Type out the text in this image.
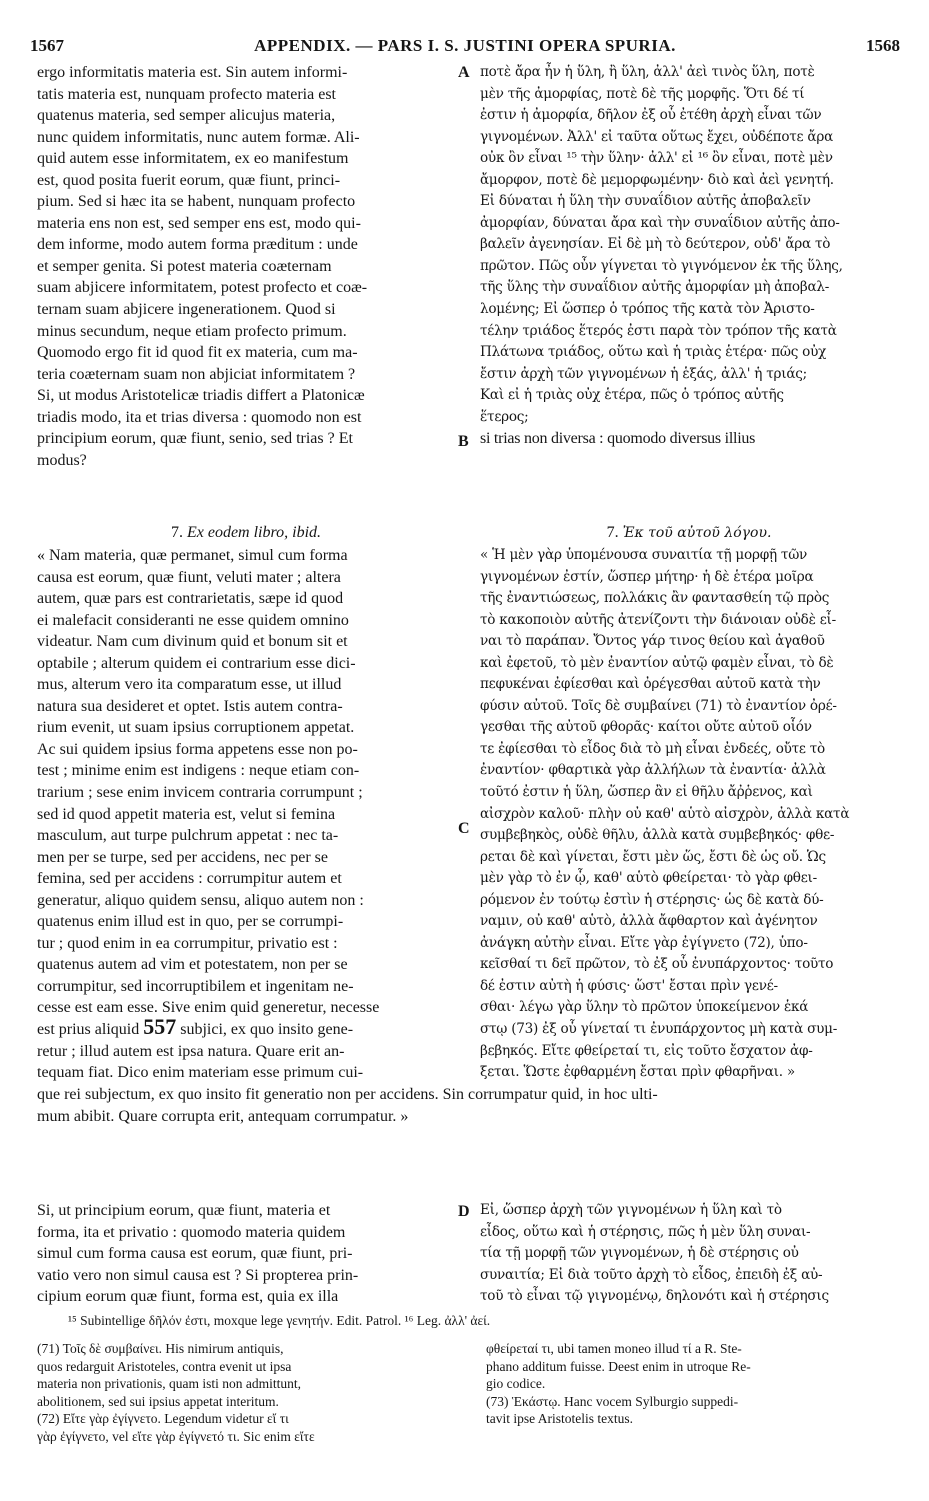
1567	APPENDIX. — PARS I. S. JUSTINI OPERA SPURIA.	1568
ergo informitatis materia est. Sin autem informi-
tatis materia est, nunquam profecto materia est
quatenus materia, sed semper alicujus materia,
nunc quidem informitatis, nunc autem formæ. Ali-
quid autem esse informitatem, ex eo manifestum
est, quod posita fuerit eorum, quæ fiunt, princi-
pium. Sed si hæc ita se habent, nunquam profecto
materia ens non est, sed semper ens est, modo qui-
dem informe, modo autem forma præditum : unde
et semper genita. Si potest materia coæternam
suam abjicere informitatem, potest profecto et coæ-
ternam suam abjicere ingenerationem. Quod si
minus secundum, neque etiam profecto primum.
Quomodo ergo fit id quod fit ex materia, cum ma-
teria coæternam suam non abjiciat informitatem ?
Si, ut modus Aristotelicæ triadis differt a Platonicæ
triadis modo, ita et trias diversa : quomodo non est
principium eorum, quæ fiunt, senio, sed trias ? Et
modus?
ποτὲ ἄρα ἦν ἡ ὕλη, ἢ ὕλη, ἀλλ' ἀεὶ τινὸς ὕλη, ποτὲ
μὲν τῆς ἀμορφίας, ποτὲ δὲ τῆς μορφῆς. Ὅτι δέ τί
ἐστιν ἡ ἀμορφία, δῆλον ἐξ οὗ ἐτέθη ἀρχὴ εἶναι τῶν
γιγνομένων. Ἀλλ' εἰ ταῦτα οὕτως ἔχει, οὐδέποτε ἄρα
οὐκ ὂν εἶναι ¹⁵ τὴν ὕλην· ἀλλ' εἰ ¹⁶ ὂν εἶναι, ποτὲ μὲν
ἄμορφον, ποτὲ δὲ μεμορφωμένην· διὸ καὶ ἀεὶ γενητή.
Εἰ δύναται ἡ ὕλη τὴν συναΐδιον αὐτῆς ἀποβαλεῖν
ἀμορφίαν, δύναται ἄρα καὶ τὴν συναΐδιον αὐτῆς ἀπο-
βαλεῖν ἀγενησίαν. Εἰ δὲ μὴ τὸ δεύτερον, οὐδ' ἄρα τὸ
πρῶτον. Πῶς οὖν γίγνεται τὸ γιγνόμενον ἐκ τῆς ὕλης,
τῆς ὕλης τὴν συναΐδιον αὐτῆς ἀμορφίαν μὴ ἀποβαλ-
λομένης; Εἰ ὥσπερ ὁ τρόπος τῆς κατὰ τὸν Ἀριστο-
τέλην τριάδος ἕτερός ἐστι παρὰ τὸν τρόπον τῆς κατὰ
Πλάτωνα τριάδος, οὕτω καὶ ἡ τριὰς ἑτέρα· πῶς οὐχ
ἔστιν ἀρχὴ τῶν γιγνομένων ἡ ἑξάς, ἀλλ' ἡ τριάς;
Καὶ εἰ ἡ τριὰς οὐχ ἑτέρα, πῶς ὁ τρόπος αὐτῆς
ἕτερος;
si trias non diversa : quomodo diversus illius
A
B
7. Ex eodem libro, ibid.	7. Ἐκ τοῦ αὐτοῦ λόγου.
« Nam materia, quæ permanet, simul cum forma
causa est eorum, quæ fiunt, veluti mater ; altera
autem, quæ pars est contrarietatis, sæpe id quod
ei malefacit consideranti ne esse quidem omnino
videatur. Nam cum divinum quid et bonum sit et
optabile ; alterum quidem ei contrarium esse dici-
mus, alterum vero ita comparatum esse, ut illud
natura sua desideret et optet. Istis autem contra-
rium evenit, ut suam ipsius corruptionem appetat.
Ac sui quidem ipsius forma appetens esse non po-
test ; minime enim est indigens : neque etiam con-
trarium ; sese enim invicem contraria corrumpunt ;
sed id quod appetit materia est, velut si femina
masculum, aut turpe pulchrum appetat : nec ta-
men per se turpe, sed per accidens, nec per se
femina, sed per accidens : corrumpitur autem et
generatur, aliquo quidem sensu, aliquo autem non :
quatenus enim illud est in quo, per se corrumpi-
tur ; quod enim in ea corrumpitur, privatio est :
quatenus autem ad vim et potestatem, non per se
corrumpitur, sed incorruptibilem et ingenitam ne-
cesse est eam esse. Sive enim quid generetur, necesse
est prius aliquid 557 subjici, ex quo insito gene-
retur ; illud autem est ipsa natura. Quare erit an-
tequam fiat. Dico enim materiam esse primum cui-
« Ἡ μὲν γὰρ ὑπομένουσα συναιτία τῇ μορφῇ τῶν
γιγνομένων ἐστίν, ὥσπερ μήτηρ· ἡ δὲ ἑτέρα μοῖρα
τῆς ἐναντιώσεως, πολλάκις ἂν φαντασθείη τῷ πρὸς
τὸ κακοποιὸν αὐτῆς ἀτενίζοντι τὴν διάνοιαν οὐδὲ εἶ-
ναι τὸ παράπαν. Ὄντος γάρ τινος θείου καὶ ἀγαθοῦ
καὶ ἐφετοῦ, τὸ μὲν ἐναντίον αὐτῷ φαμὲν εἶναι, τὸ δὲ
πεφυκέναι ἐφίεσθαι καὶ ὀρέγεσθαι αὐτοῦ κατὰ τὴν
φύσιν αὐτοῦ. Τοῖς δὲ συμβαίνει (71) τὸ ἐναντίον ὀρέ-
γεσθαι τῆς αὐτοῦ φθορᾶς· καίτοι οὔτε αὐτοῦ οἷόν
τε ἐφίεσθαι τὸ εἶδος διὰ τὸ μὴ εἶναι ἐνδεές, οὔτε τὸ
ἐναντίον· φθαρτικὰ γὰρ ἀλλήλων τὰ ἐναντία· ἀλλὰ
τοῦτό ἐστιν ἡ ὕλη, ὥσπερ ἂν εἰ θῆλυ ἄῤῥενος, καὶ
αἰσχρὸν καλοῦ· πλὴν οὐ καθ' αὑτὸ αἰσχρὸν, ἀλλὰ κατὰ
συμβεβηκὸς, οὐδὲ θῆλυ, ἀλλὰ κατὰ συμβεβηκός· φθε-
ρεται δὲ καὶ γίνεται, ἔστι μὲν ὥς, ἔστι δὲ ὡς οὔ. Ὡς
μὲν γὰρ τὸ ἐν ᾧ, καθ' αὑτὸ φθείρεται· τὸ γὰρ φθει-
ρόμενον ἐν τούτῳ ἐστὶν ἡ στέρησις· ὡς δὲ κατὰ δύ-
ναμιν, οὐ καθ' αὑτὸ, ἀλλὰ ἄφθαρτον καὶ ἀγένητον
ἀνάγκη αὐτὴν εἶναι. Εἴτε γὰρ ἐγίγνετο (72), ὑπο-
κεῖσθαί τι δεῖ πρῶτον, τὸ ἐξ οὗ ἐνυπάρχοντος· τοῦτο
δέ ἐστιν αὐτὴ ἡ φύσις· ὥστ' ἔσται πρὶν γενέ-
σθαι· λέγω γὰρ ὕλην τὸ πρῶτον ὑποκείμενον ἑκά
στῳ (73) ἐξ οὗ γίνεταί τι ἐνυπάρχοντος μὴ κατὰ συμ-
βεβηκός. Εἴτε φθείρεταί τι, εἰς τοῦτο ἔσχατον ἀφ-
ξεται. Ὥστε ἐφθαρμένη ἔσται πρὶν φθαρῆναι. »
C
que rei subjectum, ex quo insito fit generatio non per accidens. Sin corrumpatur quid, in hoc ulti-
mum abibit. Quare corrupta erit, antequam corrumpatur. »
Si, ut principium eorum, quæ fiunt, materia et
forma, ita et privatio : quomodo materia quidem
simul cum forma causa est eorum, quæ fiunt, pri-
vatio vero non simul causa est ? Si propterea prin-
cipium eorum quæ fiunt, forma est, quia ex illa
Εἰ, ὥσπερ ἀρχὴ τῶν γιγνομένων ἡ ὕλη καὶ τὸ
εἶδος, οὕτω καὶ ἡ στέρησις, πῶς ἡ μὲν ὕλη συναι-
τία τῇ μορφῇ τῶν γιγνομένων, ἡ δὲ στέρησις οὐ
συναιτία; Εἰ διὰ τοῦτο ἀρχὴ τὸ εἶδος, ἐπειδὴ ἐξ αὐ-
τοῦ τὸ εἶναι τῷ γιγνομένῳ, δηλονότι καὶ ἡ στέρησις
D
¹⁵ Subintellige δῆλόν ἐστι, moxque lege γενητήν. Edit. Patrol. ¹⁶ Leg. ἀλλ' ἀεί.
(71) Τοῖς δὲ συμβαίνει. His nimirum antiquis,
quos redarguit Aristoteles, contra evenit ut ipsa
materia non privationis, quam isti non admittunt,
abolitionem, sed sui ipsius appetat interitum.
(72) Εἴτε γὰρ ἐγίγνετο. Legendum videtur εἴ τι
γὰρ ἐγίγνετο, vel εἴτε γὰρ ἐγίγνετό τι. Sic enim εἴτε
φθείρεταί τι, ubi tamen moneo illud τί a R. Ste-
phano additum fuisse. Deest enim in utroque Re-
gio codice.
(73) Ἑκάστῳ. Hanc vocem Sylburgio suppedi-
tavit ipse Aristotelis textus.
